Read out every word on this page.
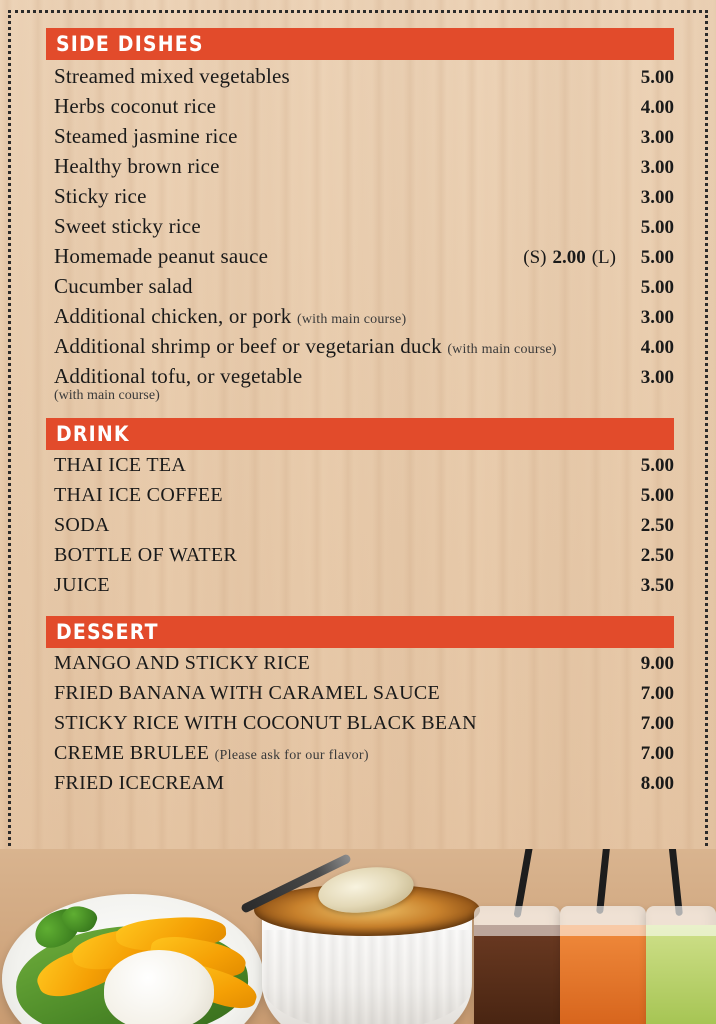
SIDE DISHES
Streamed mixed vegetables	5.00
Herbs coconut rice	4.00
Steamed jasmine rice	3.00
Healthy brown rice	3.00
Sticky rice	3.00
Sweet sticky rice	5.00
Homemade peanut sauce	(S) 2.00 (L)	5.00
Cucumber salad	5.00
Additional chicken, or pork (with main course)	3.00
Additional shrimp or beef or vegetarian duck (with main course)	4.00
Additional tofu, or vegetable	3.00
(with main course)
DRINK
THAI ICE TEA	5.00
THAI ICE COFFEE	5.00
SODA	2.50
BOTTLE OF WATER	2.50
JUICE	3.50
DESSERT
MANGO AND STICKY RICE	9.00
FRIED BANANA WITH CARAMEL SAUCE	7.00
STICKY RICE WITH COCONUT BLACK BEAN	7.00
CREME BRULEE (Please ask for our flavor)	7.00
FRIED ICECREAM	8.00
